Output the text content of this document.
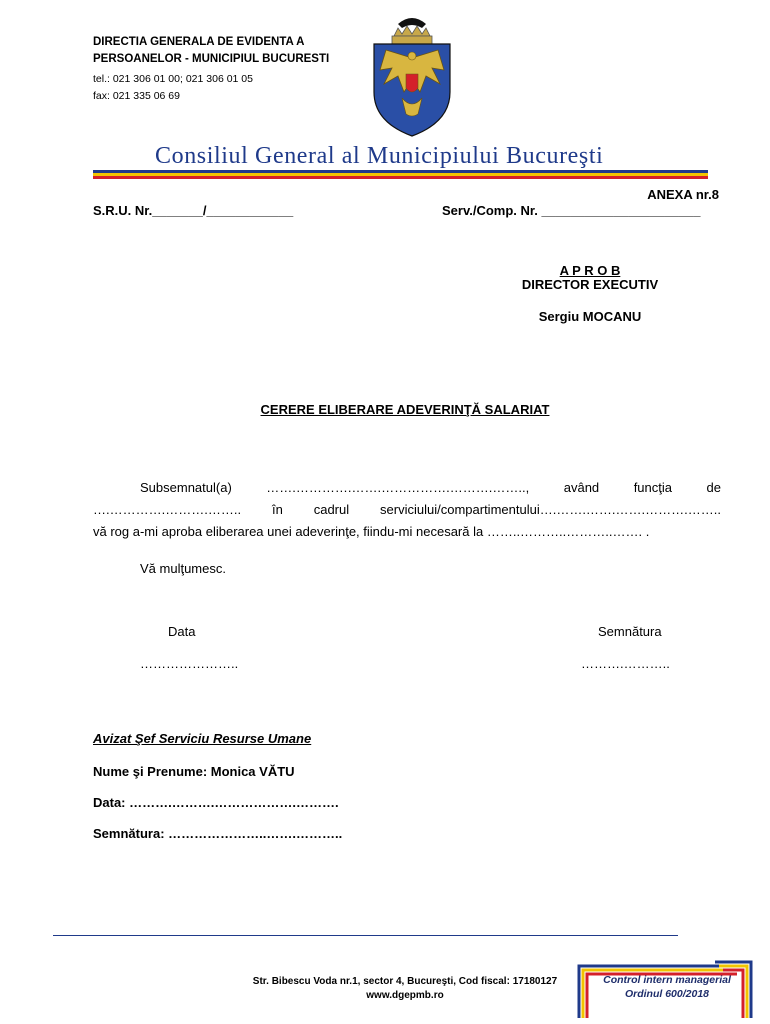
DIRECTIA GENERALA DE EVIDENTA A
PERSOANELOR - MUNICIPIUL BUCURESTI
tel.: 021 306 01 00; 021 306 01 05
fax: 021 335 06 69
Consiliul General al Municipiului Bucureşti
ANEXA nr.8
S.R.U. Nr._______/____________	Serv./Comp. Nr. ______________________
A P R O B
DIRECTOR EXECUTIV
Sergiu MOCANU
CERERE ELIBERARE ADEVERINŢĂ SALARIAT
Subsemnatul(a) …….………….…….…………….……….…….., având funcţia de
….………….……….…….. în cadrul serviciului/compartimentului….…….…….…….……….……..
vă rog a-mi aproba eliberarea unei adeverinţe, fiindu-mi necesară la ……..………..………..……. .
Vă mulţumesc.
Data	Semnătura
…………………..	……….………..
Avizat Şef Serviciu Resurse Umane
Nume şi Prenume: Monica VĂTU
Data: ……….……….……………….……….
Semnătura: …………………..…….………..
Str. Bibescu Voda nr.1, sector 4, Bucureşti, Cod fiscal: 17180127
www.dgepmb.ro
Control intern managerial
Ordinul 600/2018
